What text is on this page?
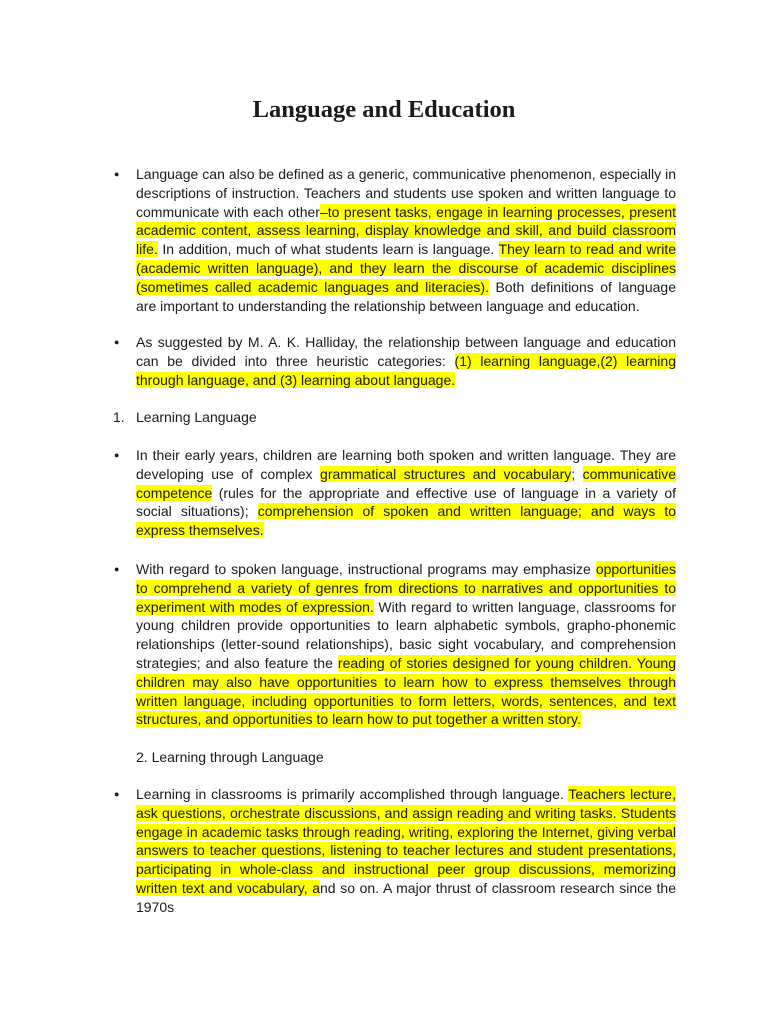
Language and Education
● Language can also be defined as a generic, communicative phenomenon, especially in descriptions of instruction. Teachers and students use spoken and written language to communicate with each other–to present tasks, engage in learning processes, present academic content, assess learning, display knowledge and skill, and build classroom life. In addition, much of what students learn is language. They learn to read and write (academic written language), and they learn the discourse of academic disciplines (sometimes called academic languages and literacies). Both definitions of language are important to understanding the relationship between language and education.

● As suggested by M. A. K. Halliday, the relationship between language and education can be divided into three heuristic categories: (1) learning language,(2) learning through language, and (3) learning about language.

1. Learning Language

● In their early years, children are learning both spoken and written language. They are developing use of complex grammatical structures and vocabulary; communicative competence (rules for the appropriate and effective use of language in a variety of social situations); comprehension of spoken and written language; and ways to express themselves.

● With regard to spoken language, instructional programs may emphasize opportunities to comprehend a variety of genres from directions to narratives and opportunities to experiment with modes of expression. With regard to written language, classrooms for young children provide opportunities to learn alphabetic symbols, grapho-phonemic relationships (letter-sound relationships), basic sight vocabulary, and comprehension strategies; and also feature the reading of stories designed for young children. Young children may also have opportunities to learn how to express themselves through written language, including opportunities to form letters, words, sentences, and text structures, and opportunities to learn how to put together a written story.

2. Learning through Language

● Learning in classrooms is primarily accomplished through language. Teachers lecture, ask questions, orchestrate discussions, and assign reading and writing tasks. Students engage in academic tasks through reading, writing, exploring the Internet, giving verbal answers to teacher questions, listening to teacher lectures and student presentations, participating in whole-class and instructional peer group discussions, memorizing written text and vocabulary, and so on. A major thrust of classroom research since the 1970s
